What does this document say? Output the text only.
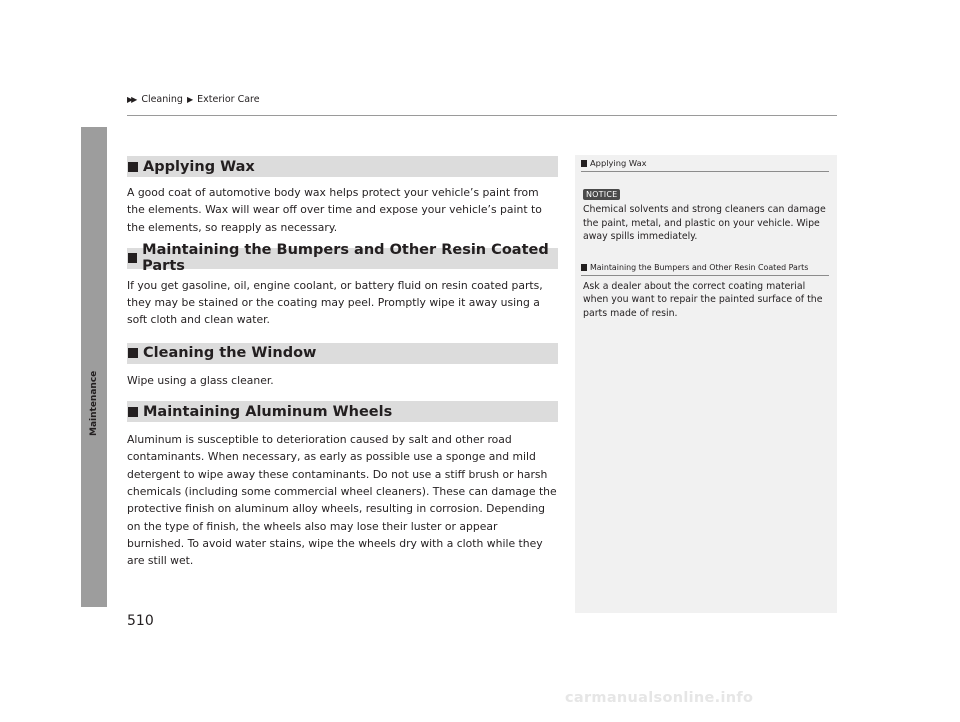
▶▶ Cleaning ▶ Exterior Care
Maintenance
Applying Wax

A good coat of automotive body wax helps protect your vehicle’s paint from the elements. Wax will wear off over time and expose your vehicle’s paint to the elements, so reapply as necessary.

Maintaining the Bumpers and Other Resin Coated Parts

If you get gasoline, oil, engine coolant, or battery fluid on resin coated parts, they may be stained or the coating may peel. Promptly wipe it away using a soft cloth and clean water.

Cleaning the Window

Wipe using a glass cleaner.

Maintaining Aluminum Wheels

Aluminum is susceptible to deterioration caused by salt and other road contaminants. When necessary, as early as possible use a sponge and mild detergent to wipe away these contaminants. Do not use a stiff brush or harsh chemicals (including some commercial wheel cleaners). These can damage the protective finish on aluminum alloy wheels, resulting in corrosion. Depending on the type of finish, the wheels also may lose their luster or appear burnished. To avoid water stains, wipe the wheels dry with a cloth while they are still wet.

Applying Wax
NOTICE
Chemical solvents and strong cleaners can damage the paint, metal, and plastic on your vehicle. Wipe away spills immediately.
Maintaining the Bumpers and Other Resin Coated Parts
Ask a dealer about the correct coating material when you want to repair the painted surface of the parts made of resin.
510
carmanualsonline.info
